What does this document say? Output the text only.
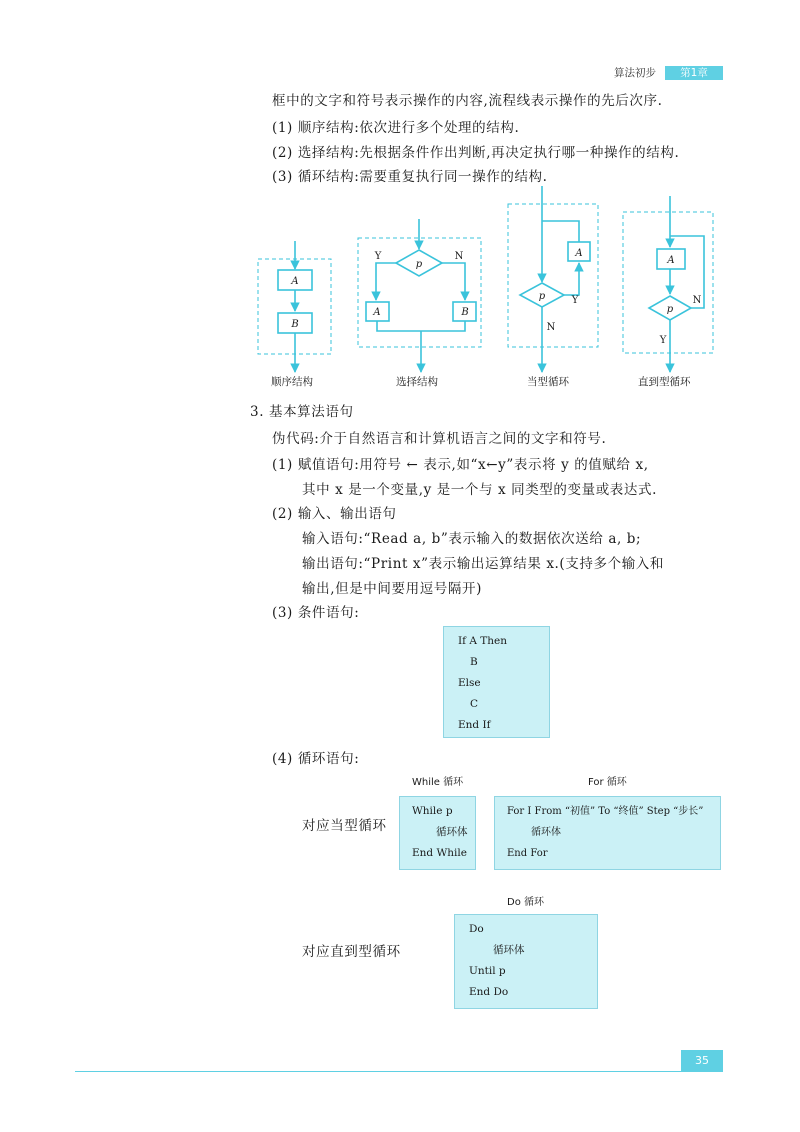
算法初步	第1章
框中的文字和符号表示操作的内容,流程线表示操作的先后次序.
(1) 顺序结构:依次进行多个处理的结构.
(2) 选择结构:先根据条件作出判断,再决定执行哪一种操作的结构.
(3) 循环结构:需要重复执行同一操作的结构.
A
B
p
A	B
A
p
A
p
Y	N
Y
N
N
Y
顺序结构	选择结构	当型循环	直到型循环
3. 基本算法语句
伪代码:介于自然语言和计算机语言之间的文字和符号.
(1) 赋值语句:用符号 ← 表示,如“x←y”表示将 y 的值赋给 x,
其中 x 是一个变量,y 是一个与 x 同类型的变量或表达式.
(2) 输入、输出语句
输入语句:“Read a, b”表示输入的数据依次送给 a, b;
输出语句:“Print x”表示输出运算结果 x.(支持多个输入和
输出,但是中间要用逗号隔开)
(3) 条件语句:
If A Then
B
Else
C
End If
(4) 循环语句:
While 循环	For 循环
对应当型循环
While p
循环体
End While
For I From “初值” To “终值” Step “步长”
循环体
End For
Do 循环
对应直到型循环
Do
循环体
Until p
End Do
35
